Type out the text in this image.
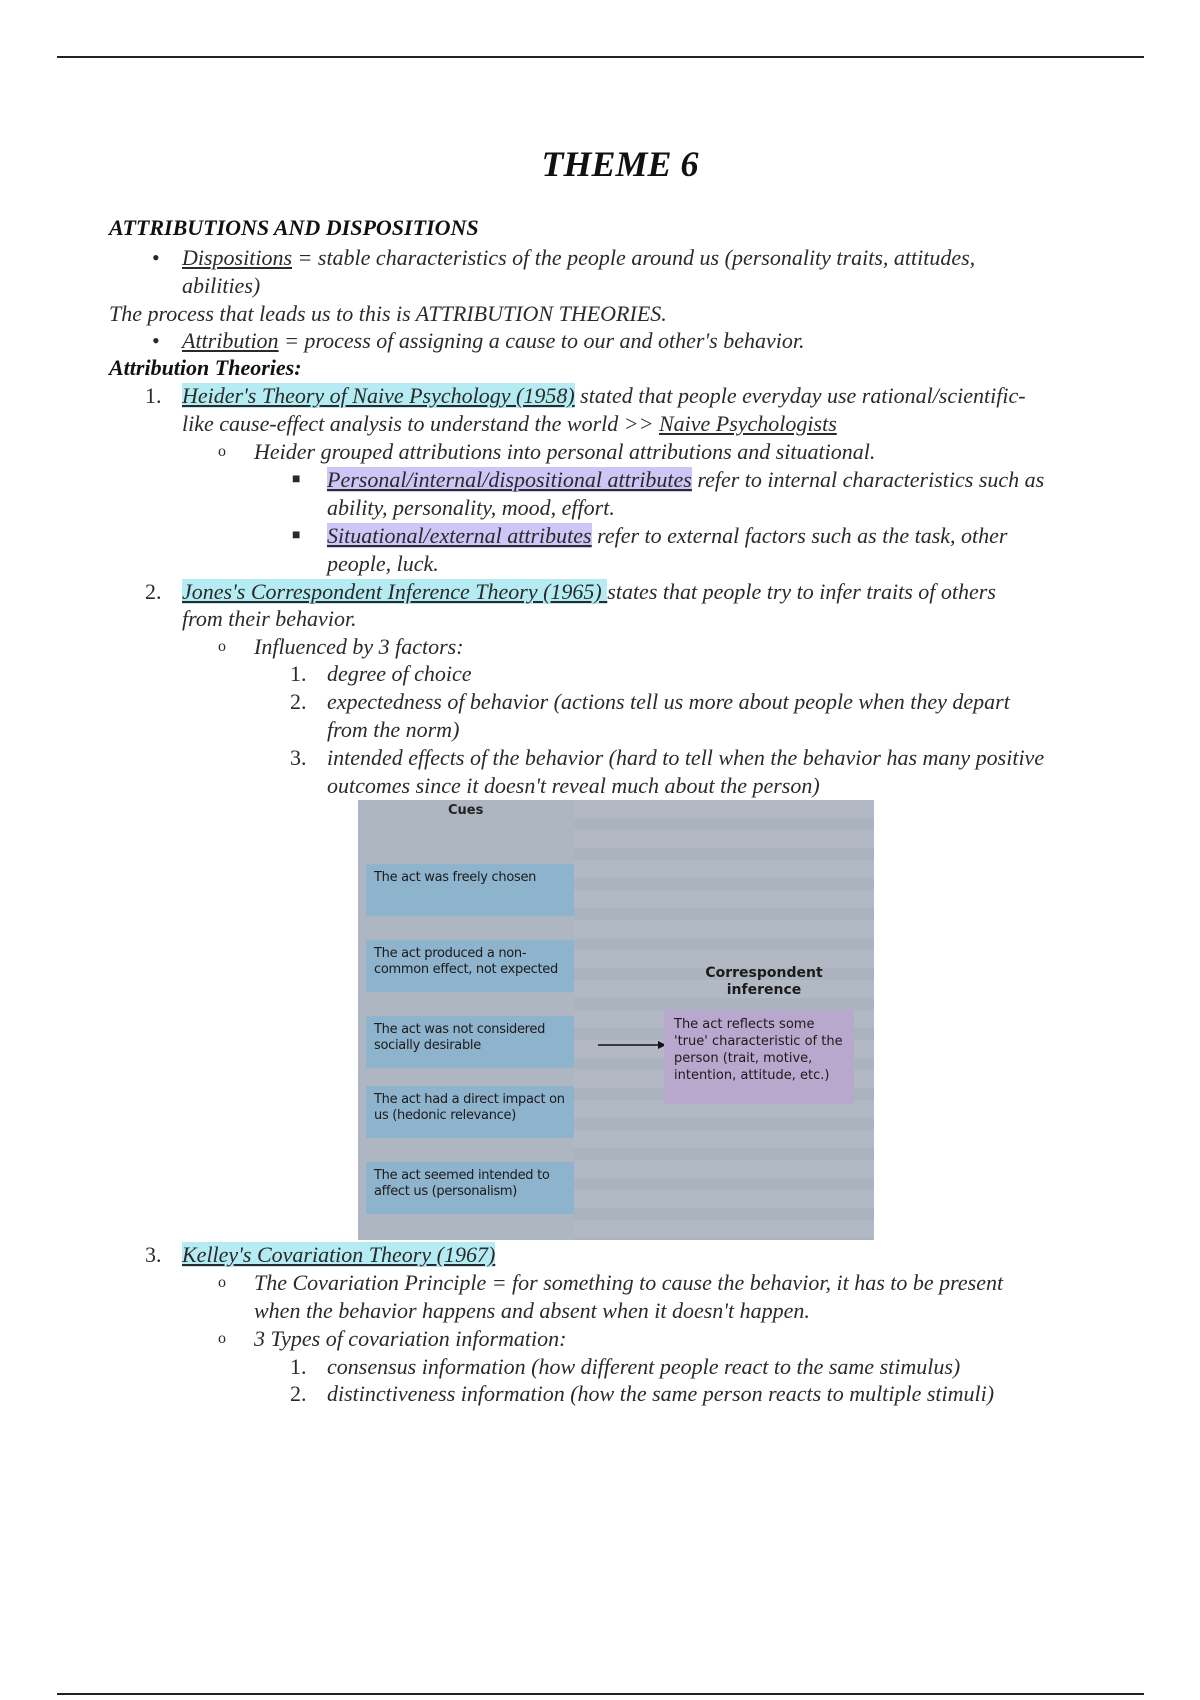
THEME 6
ATTRIBUTIONS AND DISPOSITIONS
• Dispositions = stable characteristics of the people around us (personality traits, attitudes,
abilities)
The process that leads us to this is ATTRIBUTION THEORIES.
• Attribution = process of assigning a cause to our and other's behavior.
Attribution Theories:
1. Heider's Theory of Naive Psychology (1958) stated that people everyday use rational/scientific-
like cause-effect analysis to understand the world >> Naive Psychologists
o Heider grouped attributions into personal attributions and situational.
■ Personal/internal/dispositional attributes refer to internal characteristics such as
ability, personality, mood, effort.
■ Situational/external attributes refer to external factors such as the task, other
people, luck.
2. Jones's Correspondent Inference Theory (1965) states that people try to infer traits of others
from their behavior.
o Influenced by 3 factors:
1. degree of choice
2. expectedness of behavior (actions tell us more about people when they depart
from the norm)
3. intended effects of the behavior (hard to tell when the behavior has many positive
outcomes since it doesn't reveal much about the person)
Cues
The act was freely chosen
The act produced a non-common effect, not expected
The act was not considered socially desirable
The act had a direct impact on us (hedonic relevance)
The act seemed intended to affect us (personalism)
Correspondent inference
The act reflects some 'true' characteristic of the person (trait, motive, intention, attitude, etc.)
3. Kelley's Covariation Theory (1967)
o The Covariation Principle = for something to cause the behavior, it has to be present
when the behavior happens and absent when it doesn't happen.
o 3 Types of covariation information:
1. consensus information (how different people react to the same stimulus)
2. distinctiveness information (how the same person reacts to multiple stimuli)
